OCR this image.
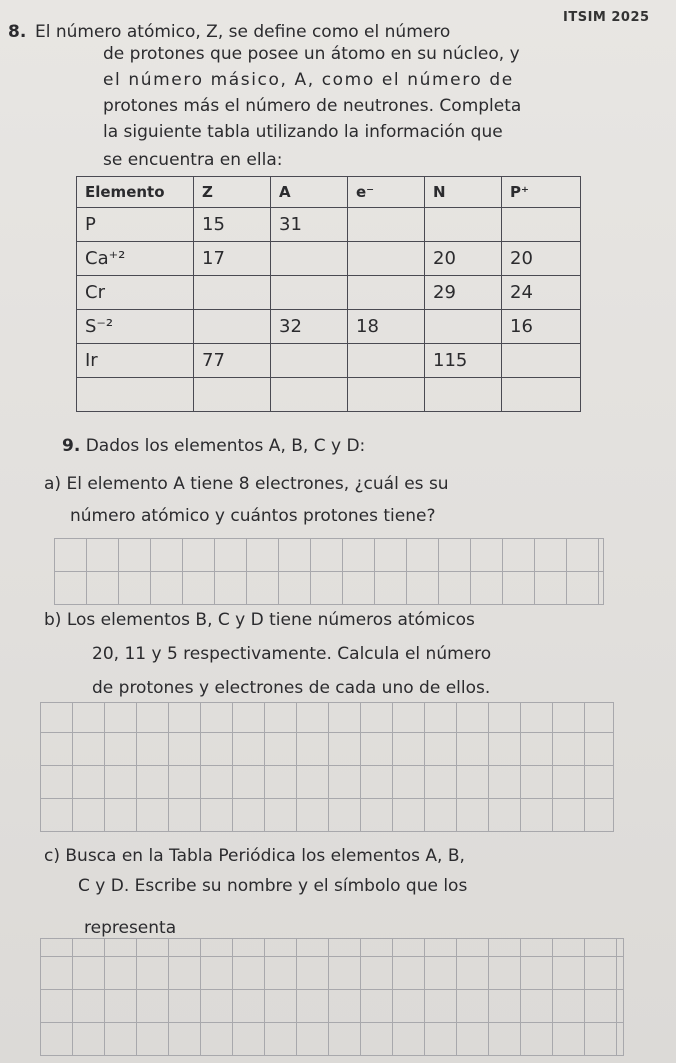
ITSIM 2025
8. El número atómico, Z, se define como el número
de protones que posee un átomo en su núcleo, y
el número másico, A, como el número de
protones más el número de neutrones. Completa
la siguiente tabla utilizando la información que
se encuentra en ella:
Elemento	Z	A	e⁻	N	P⁺
P	15	31			
Ca⁺²	17			20	20
Cr				29	24
S⁻²		32	18		16
Ir	77			115	

9. Dados los elementos A, B, C y D:
a) El elemento A tiene 8 electrones, ¿cuál es su
número atómico y cuántos protones tiene?
b) Los elementos B, C y D tiene números atómicos
20, 11 y 5 respectivamente. Calcula el número
de protones y electrones de cada uno de ellos.
c) Busca en la Tabla Periódica los elementos A, B,
C y D. Escribe su nombre y el símbolo que los
representa
